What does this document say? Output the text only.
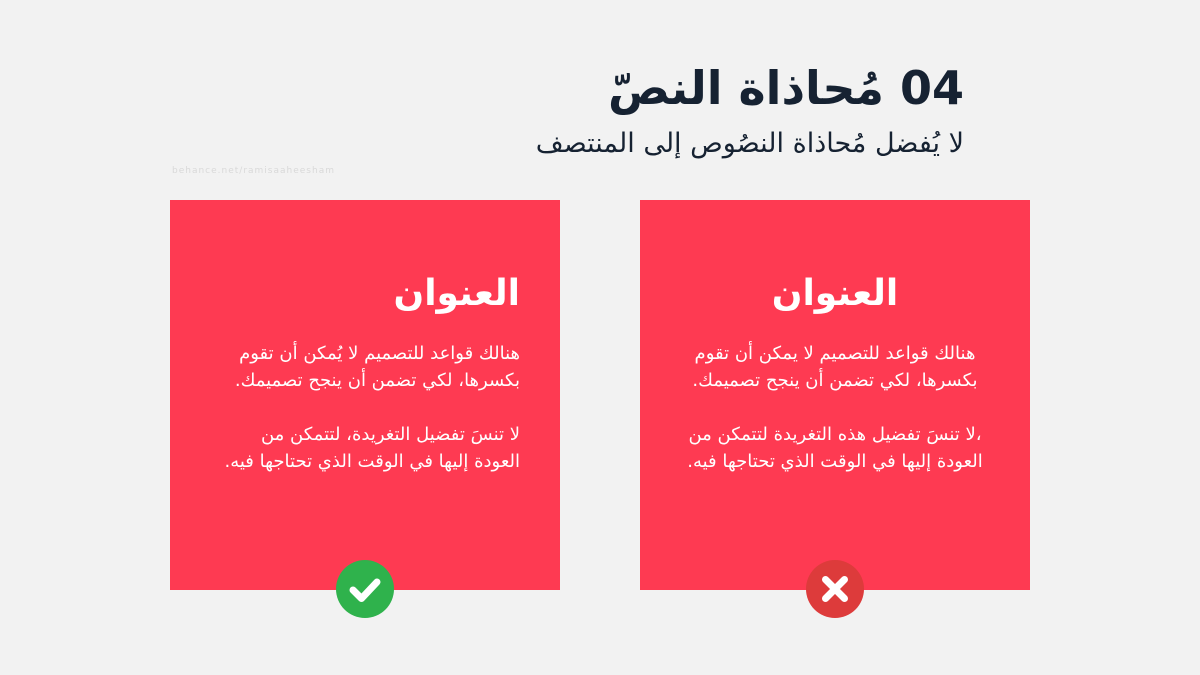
04 مُحاذاة النصّ
لا يُفضل مُحاذاة النصُوص إلى المنتصف
behance.net/ramisaaheesham
العنوان
هنالك قواعد للتصميم لا يُمكن أن تقوم بكسرها، لكي تضمن أن ينجح تصميمك.
لا تنسَ تفضيل التغريدة، لتتمكن من العودة إليها في الوقت الذي تحتاجها فيه.
العنوان
هنالك قواعد للتصميم لا يمكن أن تقوم بكسرها، لكي تضمن أن ينجح تصميمك.
،لا تنسَ تفضيل هذه التغريدة لتتمكن من العودة إليها في الوقت الذي تحتاجها فيه.
